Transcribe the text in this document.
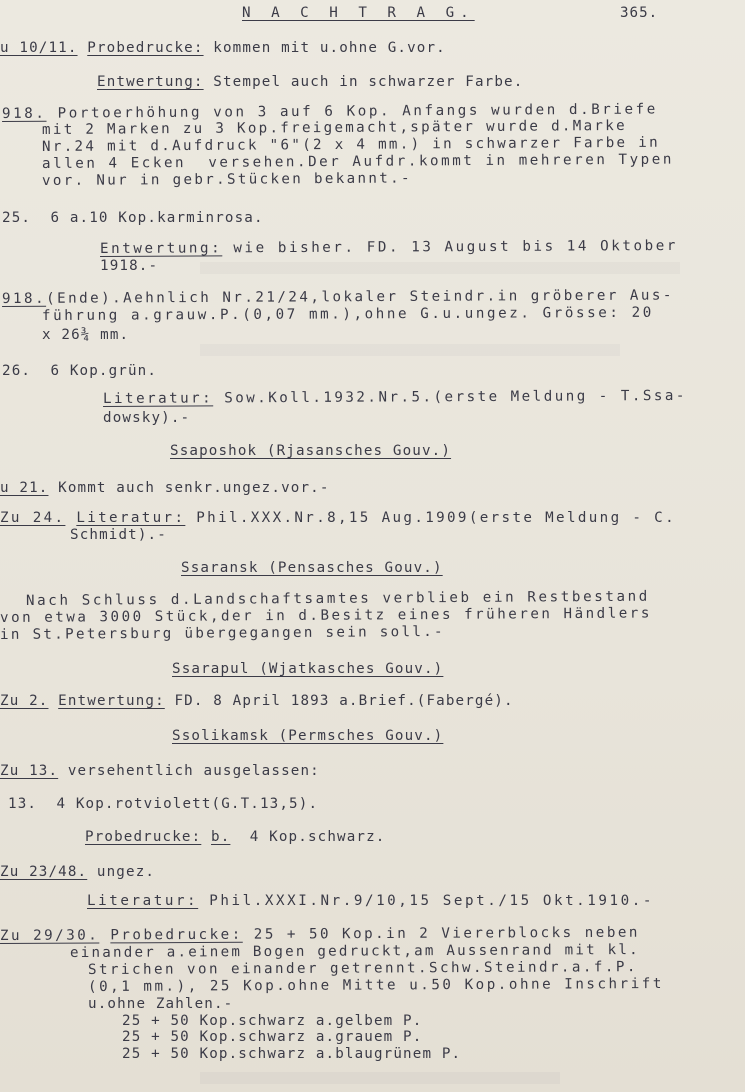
N A C H T R A G.	365.
u 10/11. Probedrucke: kommen mit u.ohne G.vor.
Entwertung: Stempel auch in schwarzer Farbe.
918. Portoerhöhung von 3 auf 6 Kop. Anfangs wurden d.Briefe
mit 2 Marken zu 3 Kop.freigemacht,später wurde d.Marke
Nr.24 mit d.Aufdruck "6"(2 x 4 mm.) in schwarzer Farbe in
allen 4 Ecken  versehen.Der Aufdr.kommt in mehreren Typen
vor. Nur in gebr.Stücken bekannt.-
25.  6 a.10 Kop.karminrosa.
Entwertung: wie bisher. FD. 13 August bis 14 Oktober
1918.-
918.(Ende).Aehnlich Nr.21/24,lokaler Steindr.in gröberer Aus-
führung a.grauw.P.(0,07 mm.),ohne G.u.ungez. Grösse: 20
x 26¾ mm.
26.  6 Kop.grün.
Literatur: Sow.Koll.1932.Nr.5.(erste Meldung - T.Ssa-
dowsky).-
Ssaposhok (Rjasansches Gouv.)
u 21. Kommt auch senkr.ungez.vor.-
Zu 24. Literatur: Phil.XXX.Nr.8,15 Aug.1909(erste Meldung - C.
Schmidt).-
Ssaransk (Pensasches Gouv.)
Nach Schluss d.Landschaftsamtes verblieb ein Restbestand
von etwa 3000 Stück,der in d.Besitz eines früheren Händlers
in St.Petersburg übergegangen sein soll.-
Ssarapul (Wjatkasches Gouv.)
Zu 2. Entwertung: FD. 8 April 1893 a.Brief.(Fabergé).
Ssolikamsk (Permsches Gouv.)
Zu 13. versehentlich ausgelassen:
13.  4 Kop.rotviolett(G.T.13,5).
Probedrucke: b.  4 Kop.schwarz.
Zu 23/48. ungez.
Literatur: Phil.XXXI.Nr.9/10,15 Sept./15 Okt.1910.-
Zu 29/30. Probedrucke: 25 + 50 Kop.in 2 Viererblocks neben
einander a.einem Bogen gedruckt,am Aussenrand mit kl.
Strichen von einander getrennt.Schw.Steindr.a.f.P.
(0,1 mm.), 25 Kop.ohne Mitte u.50 Kop.ohne Inschrift
u.ohne Zahlen.-
25 + 50 Kop.schwarz a.gelbem P.
25 + 50 Kop.schwarz a.grauem P.
25 + 50 Kop.schwarz a.blaugrünem P.
